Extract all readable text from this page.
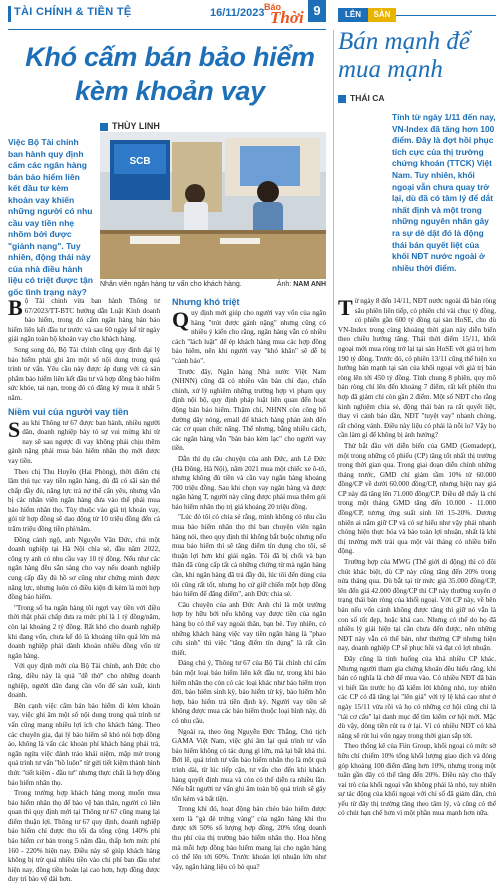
TÀI CHÍNH & TIỀN TỆ	16/11/2023 Báo
Thời 9
Khó cấm bán bảo hiểm kèm khoản vay
THÙY LINH
Việc Bộ Tài chính ban hành quy định cấm các ngân hàng bán bảo hiểm liên kết đầu tư kèm khoản vay khiến những người có nhu cầu vay tiền nhẹ nhõm bởi được "giảnh nạng". Tuy nhiên, động thái này của nhà điều hành liệu có triệt được tận gốc tình trạng này?
SCB
Nhân viên ngân hàng tư vấn cho khách hàng.	Ảnh: NAM ANH

Bộ Tài chính vừa ban hành Thông tư 67/2023/TT-BTC hướng dẫn Luật Kinh doanh bảo hiểm, trong đó cấm ngân hàng bán bảo hiểm liên kết đầu tư trước và sau 60 ngày kể từ ngày giải ngân toàn bộ khoản vay cho khách hàng.

Song song đó, Bộ Tài chính cũng quy định đại lý bảo hiểm phải ghi âm một số nội dung trong quá trình tư vấn. Yêu cầu này được áp dụng với cả sản phẩm bảo hiểm liên kết đầu tư và hợp đồng bảo hiểm sức khỏe, tai nạn, trong đó có đăng ký mua ít nhất 5 năm.

Niềm vui của người vay tiền

Sau khi Thông tư 67 được ban hành, nhiều người dân, doanh nghiệp bày tỏ sự vui mừng khi từ nay sẽ sau ngược đi vay không phải chịu thêm gánh nặng phải mua bảo hiểm nhân thọ mới được vay tiền.

Theo chị Thu Huyền (Hai Phòng), thời điểm chị lâm thủ tục vay tiền ngân hàng, dù đã có sãi sàn thế chấp đầy đủ, năng lực trả nợ thế cẩn yêu, nhưng vẫn bị các nhân viên ngân hàng đưa vào thế phải mua bảo hiểm nhân thọ. Tùy thuộc vào giá trị khoản vay, gói từ hợp đồng sẽ dao động từ 10 triệu đồng đến cả trăm triệu đồng tiền phí/năm.

Đồng cảnh ngộ, anh Nguyễn Văn Đức, chủ một doanh nghiệp tại Hà Nội chia sẻ, đầu năm 2022, công ty anh có nhu cầu vay 10 tỷ đồng. Nếu như các ngân hàng đều sẵn sàng cho vay nếu doanh nghiệp cung cấp đầy đủ hồ sơ cũng như chứng minh được năng lực, nhưng luôn có điều kiện đi kèm là mời hợp đồng bảo hiểm.

"Trong số ba ngân hàng tôi ngợi vay tiền với điều thời thật phải chấp đưa ra mức phí là 1 tỷ đồng/năm, còn lại khoảng 2 tỷ đồng. Rất khó cho doanh nghiệp khi đang vốn, chưa kể đó là khoảng tiền quá lớn mà doanh nghiệp phải dành khoản nhiều đồng vốn từ ngân hàng.

Với quy định mới của Bộ Tài chính, anh Đức cho rằng, điều này là quá "dễ thở" cho những doanh nghiệp, người dân đang cần vốn để sản xuất, kinh doanh.

Bên cạnh việc cấm bán bảo hiểm đi kèm khoản vay, việc ghi âm một số nội dung trong quá trình tư vấn cũng mang nhiều lợi ích cho khách hàng. Theo các chuyên gia, đại lý bảo hiểm sẽ khó nói hợp đồng ảo, không là vấn các khoản phí khách hàng phải trả, ngân ngừa việc đánh tráo khái niệm, mập mờ trong quá trình tư vấn "hồ luôn" từ gửi tiết kiệm thành hình thức "tiết kiệm - đầu tư" nhưng thực chất là hợp đồng bảo hiểm nhân thọ.

Trong trường hợp khách hàng mong muốn mua bảo hiểm nhân thọ để bảo vệ bản thân, người có liên quan thì quy định mới tại Thông tư 67 cũng mang lại điểm thuận lợi. Thông tư 67 quy định, doanh nghiệp bảo hiểm chỉ được thu tối đa tổng cộng 140% phí bảo hiểm cơ bản trong 5 năm đầu, thấp hơn mức phí 160 - 220% hiện nay. Điều này sẽ giúp khách hàng không bị trừ quá nhiều tiền vào chi phí ban đầu như hiện nay, đồng tiền hoàn lại cao hơn, hợp đồng được duy trì bảo vệ dài hơn.

Nhưng khó triệt

Quy định mới giúp cho người vay vốn của ngân hàng "trút được gánh nặng" nhưng cũng có nhiều ý kiến cho rằng, ngân hàng vẫn có nhiều cách "lách luật" để ép khách hàng mua các hợp đồng bảo hiểm, nên khi người vay "khó khăn" sẽ dễ bị "cảnh báo".

Trước đây, Ngân hàng Nhà nước Việt Nam (NHNN) cũng đã có nhiều văn bản chỉ đạo, chấn chỉnh, xử lý nghiêm những trường hợp vi phạm quy định nội bộ, quy định pháp luật liên quan đến hoạt động bán bảo hiểm. Thậm chí, NHNN còn công bố đường dây nóng, email để khách hàng phản ánh đến các cơ quan chức năng. Thế nhưng, bằng nhiều cách, các ngân hàng vẫn "bán bảo kèm lạc" cho người vay tiền.

Dẫn thí dụ câu chuyện của anh Đức, anh Lê Đức (Hà Đông, Hà Nội), năm 2021 mua một chiếc xe ô-tô, nhưng không đủ tiền và cần vay ngân hàng khoảng 700 triệu đồng. Sau khi chọn vay ngân hàng và được ngân hàng T, người này cũng được phải mua thêm gói bảo hiểm nhân thọ trị giá khoảng 20 triệu đồng.

"Lúc đó tôi có chia sẻ rằng, mình không có nhu cầu mua bảo hiểm nhân thọ thì ban chuyện viên ngân hàng nói, theo quy định thì không bắt buộc nhưng nếu mua bảo hiểm thì sẽ tăng điểm tín dụng cho tôi, sẽ thuận lợi hơn khi giải ngân. Tôi đã bị chối và bạn thân đã cùng cấp tất cả những chứng từ mà ngân hàng cần, khi ngân hàng đã trả đầy đủ, lúc tôi đến dùng của tôi cũng rất tốt, nhưng họ cứ giữ chiến một hợp đồng bảo hiểm để đăng điểm", anh Đức chia sẻ.

Câu chuyện của anh Đức Anh chỉ là một trường hợp hy hữu bởi nếu không vay được tiền của ngân hàng họ có thể vay ngoài thân, bạn bè. Tuy nhiên, có những khách hàng việc vay tiền ngân hàng là "phao cứu sinh" thì việc "tăng điểm tín dụng" là rất cần thiết.

Đáng chú ý, Thông tư 67 của Bộ Tài chính chỉ cấm bán một loại bảo hiểm liên kết đầu tư, trong khi bảo hiểm nhân thọ còn có các loại khác như bảo hiểm trọn đời, bảo hiểm sinh kỳ, bảo hiểm tử kỳ, bảo hiểm hỗn hợp, bảo hiểm trả tiền định kỳ. Người vay tiền sẽ không được mua các bảo hiểm thuộc loại hình này, dù có nhu cầu.

Ngoài ra, theo ông Nguyễn Đức Thắng, Chủ tịch GAMA Việt Nam, việc ghi âm lại quá trình tư vấn bảo hiểm không có tác dụng gì lớn, mà lại bất khả thi. Bởi lẽ, quá trình tư vấn bảo hiểm nhân thọ là một quá trình dài, từ lúc tiếp cận, tư vấn cho đến khi khách hàng quyết định mua và còn có thể diễn ra nhiều lần. Nếu bắt người tư vấn ghi âm toàn bộ quá trình sẽ gây tốn kém và bất tiện.

Trong khi đó, hoạt động bán chéo bảo hiểm được xem là "gà đẻ trứng vàng" của ngân hàng khi thu được tới 50% số lượng hợp đồng, 20% tổng doanh thu phí của thị trường bảo hiểm nhân thọ. Hoa hồng mà mỗi hợp đồng bảo hiểm mang lại cho ngân hàng có thể lên tới 60%. Trước khoản lợi nhuận lớn như vậy, ngân hàng liệu có bỏ qua?

LÊN	SÀN
Bán mạnh để mua mạnh
THÁI CA
Tính từ ngày 1/11 đến nay, VN-Index đã tăng hơn 100 điểm. Đây là đợt hồi phục tích cực của thị trường chứng khoán (TTCK) Việt Nam. Tuy nhiên, khối ngoại vẫn chưa quay trở lại, dù đã có tâm lý để dắt nhất định và một trong những nguyên nhân gây ra sự dè dặt đó là động thái bán quyết liệt của khối NĐT nước ngoài ở nhiều thời điểm.

Từ ngày 8 đến 14/11, NĐT nước ngoài đã bán ròng sâu phiên liên tiếp, có phiên chỉ vài chục tỷ đồng, có phiên gần 600 tỷ đồng tại sàn HoSE, cho dù VN-Index trong cùng khoảng thời gian này diễn biến theo chiều hướng tăng. Thái thời điểm 15/11, khối ngoại mới mua ròng trở lại tại sàn HoSE với giá trị hơn 190 tỷ đồng. Trước đó, có phiên 13/11 cũng thể hiện xu hướng bán mạnh tại sàn của khối ngoại với giá trị bán ròng lên tới 450 tỷ đồng. Tính chung 8 phiên, quy mô bán ròng chỉ lên đến khoảng 7 điểm, rất kết phiên thu hợp đã giảm chỉ còn gần 2 điểm. Một số NĐT cho rằng kinh nghiệm chia sẻ, động thái bán ra rất quyết liệt, thay vì cảnh báo dần, NĐT "tuyệt vay" nhanh chóng, rất chóng vánh. Điều này liệu có phải là nỗi lo? Vậy họ cần làm gì để không bị ảnh hưởng?

Thử bắt đầu với diễn biến của GMD (Gemadept), một trong những cổ phiếu (CP) tăng tốt nhất thị trường trong thời gian qua. Trong giai đoạn diễn chính những tháng trước, GMD chỉ giảm tầm 10% từ 60.000 đồng/CP về dưới 60.000 đồng/CP, nhưng hiện nay giá CP này đã tăng lên 71.000 đồng/CP. Điều dễ thấy là chỉ trong một tháng GMD tăng đến 10.000 - 11.000 đồng/CP, tương ứng suất sinh lời 15-20%. Dương nhiên ai nắm giữ CP và có sự hiểu như vậy phải nhanh chóng hiện thực hóa và bảo toàn lợi nhuận, nhất là khi thị trường mới trải qua một vài tháng có nhiều biến động.

Trường hợp của MWG (Thế giới di động) thì có đôi chút khác biệt, dù CP này cũng tăng đến 20% trong nửa tháng qua. Dù bắt tại từ mức giá 35.000 đồng/CP, lên đến giá 42.000 đồng/CP thì CP này thường xuyên ở trạng thái bán ròng của khối ngoại. Với CP này, về bên bán nếu vốn cảnh không được tăng thì giữ nó vẫn là con số tốt đẹp, hoặc khá cao. Nhưng có thể do họ đã nhiều lý giải hiện tại cần chưa đến được, nên những NĐT này vẫn có thể bán, như thường CP nhưng hiện nay, doanh nghiệp CP sẽ phục hồi và đạt có lợi nhuận.

Đây cũng là tình huống của khá nhiều CP khác. Nhưng người tham gia chứng khoán đều hiểu rằng, khi bán có nghĩa là chờ để mua vào. Có nhiều NĐT đã bán vì biết lần trước họ đã kiếm lời không nhỏ, tuy nhiên các CP có đã tăng lại "lên giá" với tỷ lệ khá cao như ở ngày 15/11 vừa rồi và họ có những cơ hội cũng chỉ là "tái cơ cấu" lại danh mục để tìm kiếm cơ hội mới. Mặc dù vậy, dòng tiền rút ra ở lại. Vì có nhiều NĐT có khả năng sẽ rút lui vốn ngay trong thời gian sắp tới.

Theo thống kê của Fiin Group, khối ngoại có mức sở hữu chỉ chiếm 10% tổng khối lượng giao dịch và đóng góp khoảng 100 điểm đăng hơn 10%, nhưng trong một tuần gần đây có thể tăng đến 20%. Điều này cho thấy vai trò của khối ngoại vẫn không phải là nhỏ, tuy nhiên sự tác động của khối ngoại với chỉ số đã giảm dần, chủ yếu từ đây thị trường tăng theo tâm lý, và cũng có thể có chút hạn chế hơn vì một phần mua mạnh hơn nữa.
